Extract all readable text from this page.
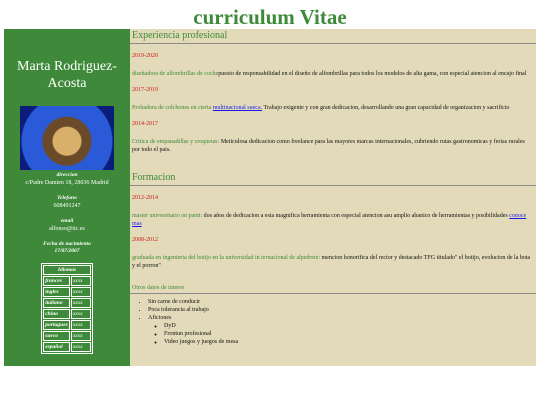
curriculum Vitae
Marta Rodriguez-Acosta
direccion
c/Padre Damien 18, 28036 Madrid
Telefono
608491247
email
alfonso@tic.es
Fecha de nacimiento
17/07/2007
Idiomas	
frances	xxxx
ingles	xxxx
italiano	xxxx
chino	xxxx
portugues	xxxx
sueco	xxxx
español	xxxx
Experiencia profesional
2019-2020
diseñadora de alfombrillas de cochepuesto de responsabilidad en el diseño de alfombrillas para todos los modelos de alta gama, con especial atencion al encajo final
2017-2019
Probadora de colchones en cierta multinacional sueca. Trabajo exigente y con gran dedicacion, desarrollando una gran capacidad de organizacion y sacrificio
2014-2017
Critica de empanadillas y croquetas: Meticulosa dedicacion como freelance para las mayores marcas internacionales, cubriendo rutas gastronomicas y ferias rurales por todo el pais.
Formacion
2012-2014
master universitario en paint: dos años de dedicacion a esta magnifica herramienta con especial atencion asu amplio abanico de herramientas y posibilidades conoce mas
2008-2012
graduada en ingenieria del botijo en la universidad in ternacional de alpedrete: mencion honorifica del rector y destacado TFG titulado" el botijo, evolucion de la bota y el porron"
Otros datos de interes
• Sin carne de conducir
• Poca tolerancia al trabajo
• Aficiones
◦ DyD
◦ Frontun profesional
◦ Video juegos y juegos de mesa
